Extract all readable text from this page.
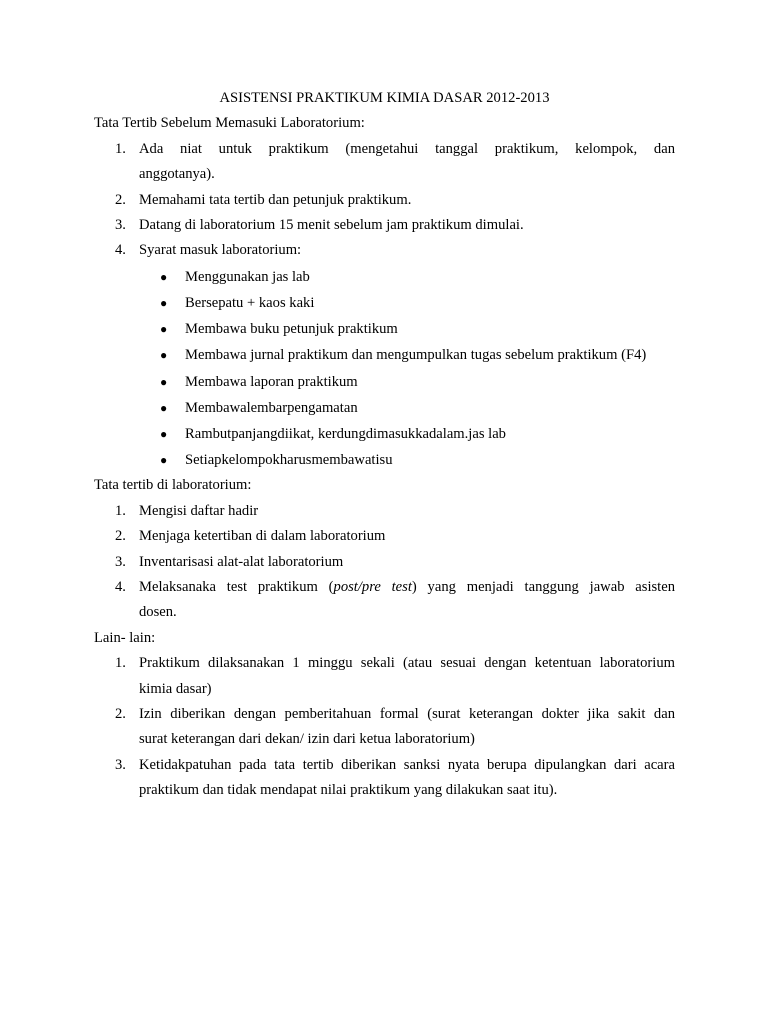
ASISTENSI PRAKTIKUM KIMIA DASAR 2012-2013

Tata Tertib Sebelum Memasuki Laboratorium:

1. Ada niat untuk praktikum (mengetahui tanggal praktikum, kelompok, dan
anggotanya).
2. Memahami tata tertib dan petunjuk praktikum.
3. Datang di laboratorium 15 menit sebelum jam praktikum dimulai.
4. Syarat masuk laboratorium:
● Menggunakan jas lab
● Bersepatu + kaos kaki
● Membawa buku petunjuk praktikum
● Membawa jurnal praktikum dan mengumpulkan tugas sebelum praktikum (F4)
● Membawa laporan praktikum
● Membawalembarpengamatan
● Rambutpanjangdiikat, kerdungdimasukkadalam.jas lab
● Setiapkelompokharusmembawatisu

Tata tertib di laboratorium:

1. Mengisi daftar hadir
2. Menjaga ketertiban di dalam laboratorium
3. Inventarisasi alat-alat laboratorium
4. Melaksanaka test praktikum (post/pre test) yang menjadi tanggung jawab asisten
dosen.

Lain- lain:

1. Praktikum dilaksanakan 1 minggu sekali (atau sesuai dengan ketentuan laboratorium
kimia dasar)
2. Izin diberikan dengan pemberitahuan formal (surat keterangan dokter jika sakit dan
surat keterangan dari dekan/ izin dari ketua laboratorium)
3. Ketidakpatuhan pada tata tertib diberikan sanksi nyata berupa dipulangkan dari acara
praktikum dan tidak mendapat nilai praktikum yang dilakukan saat itu).
